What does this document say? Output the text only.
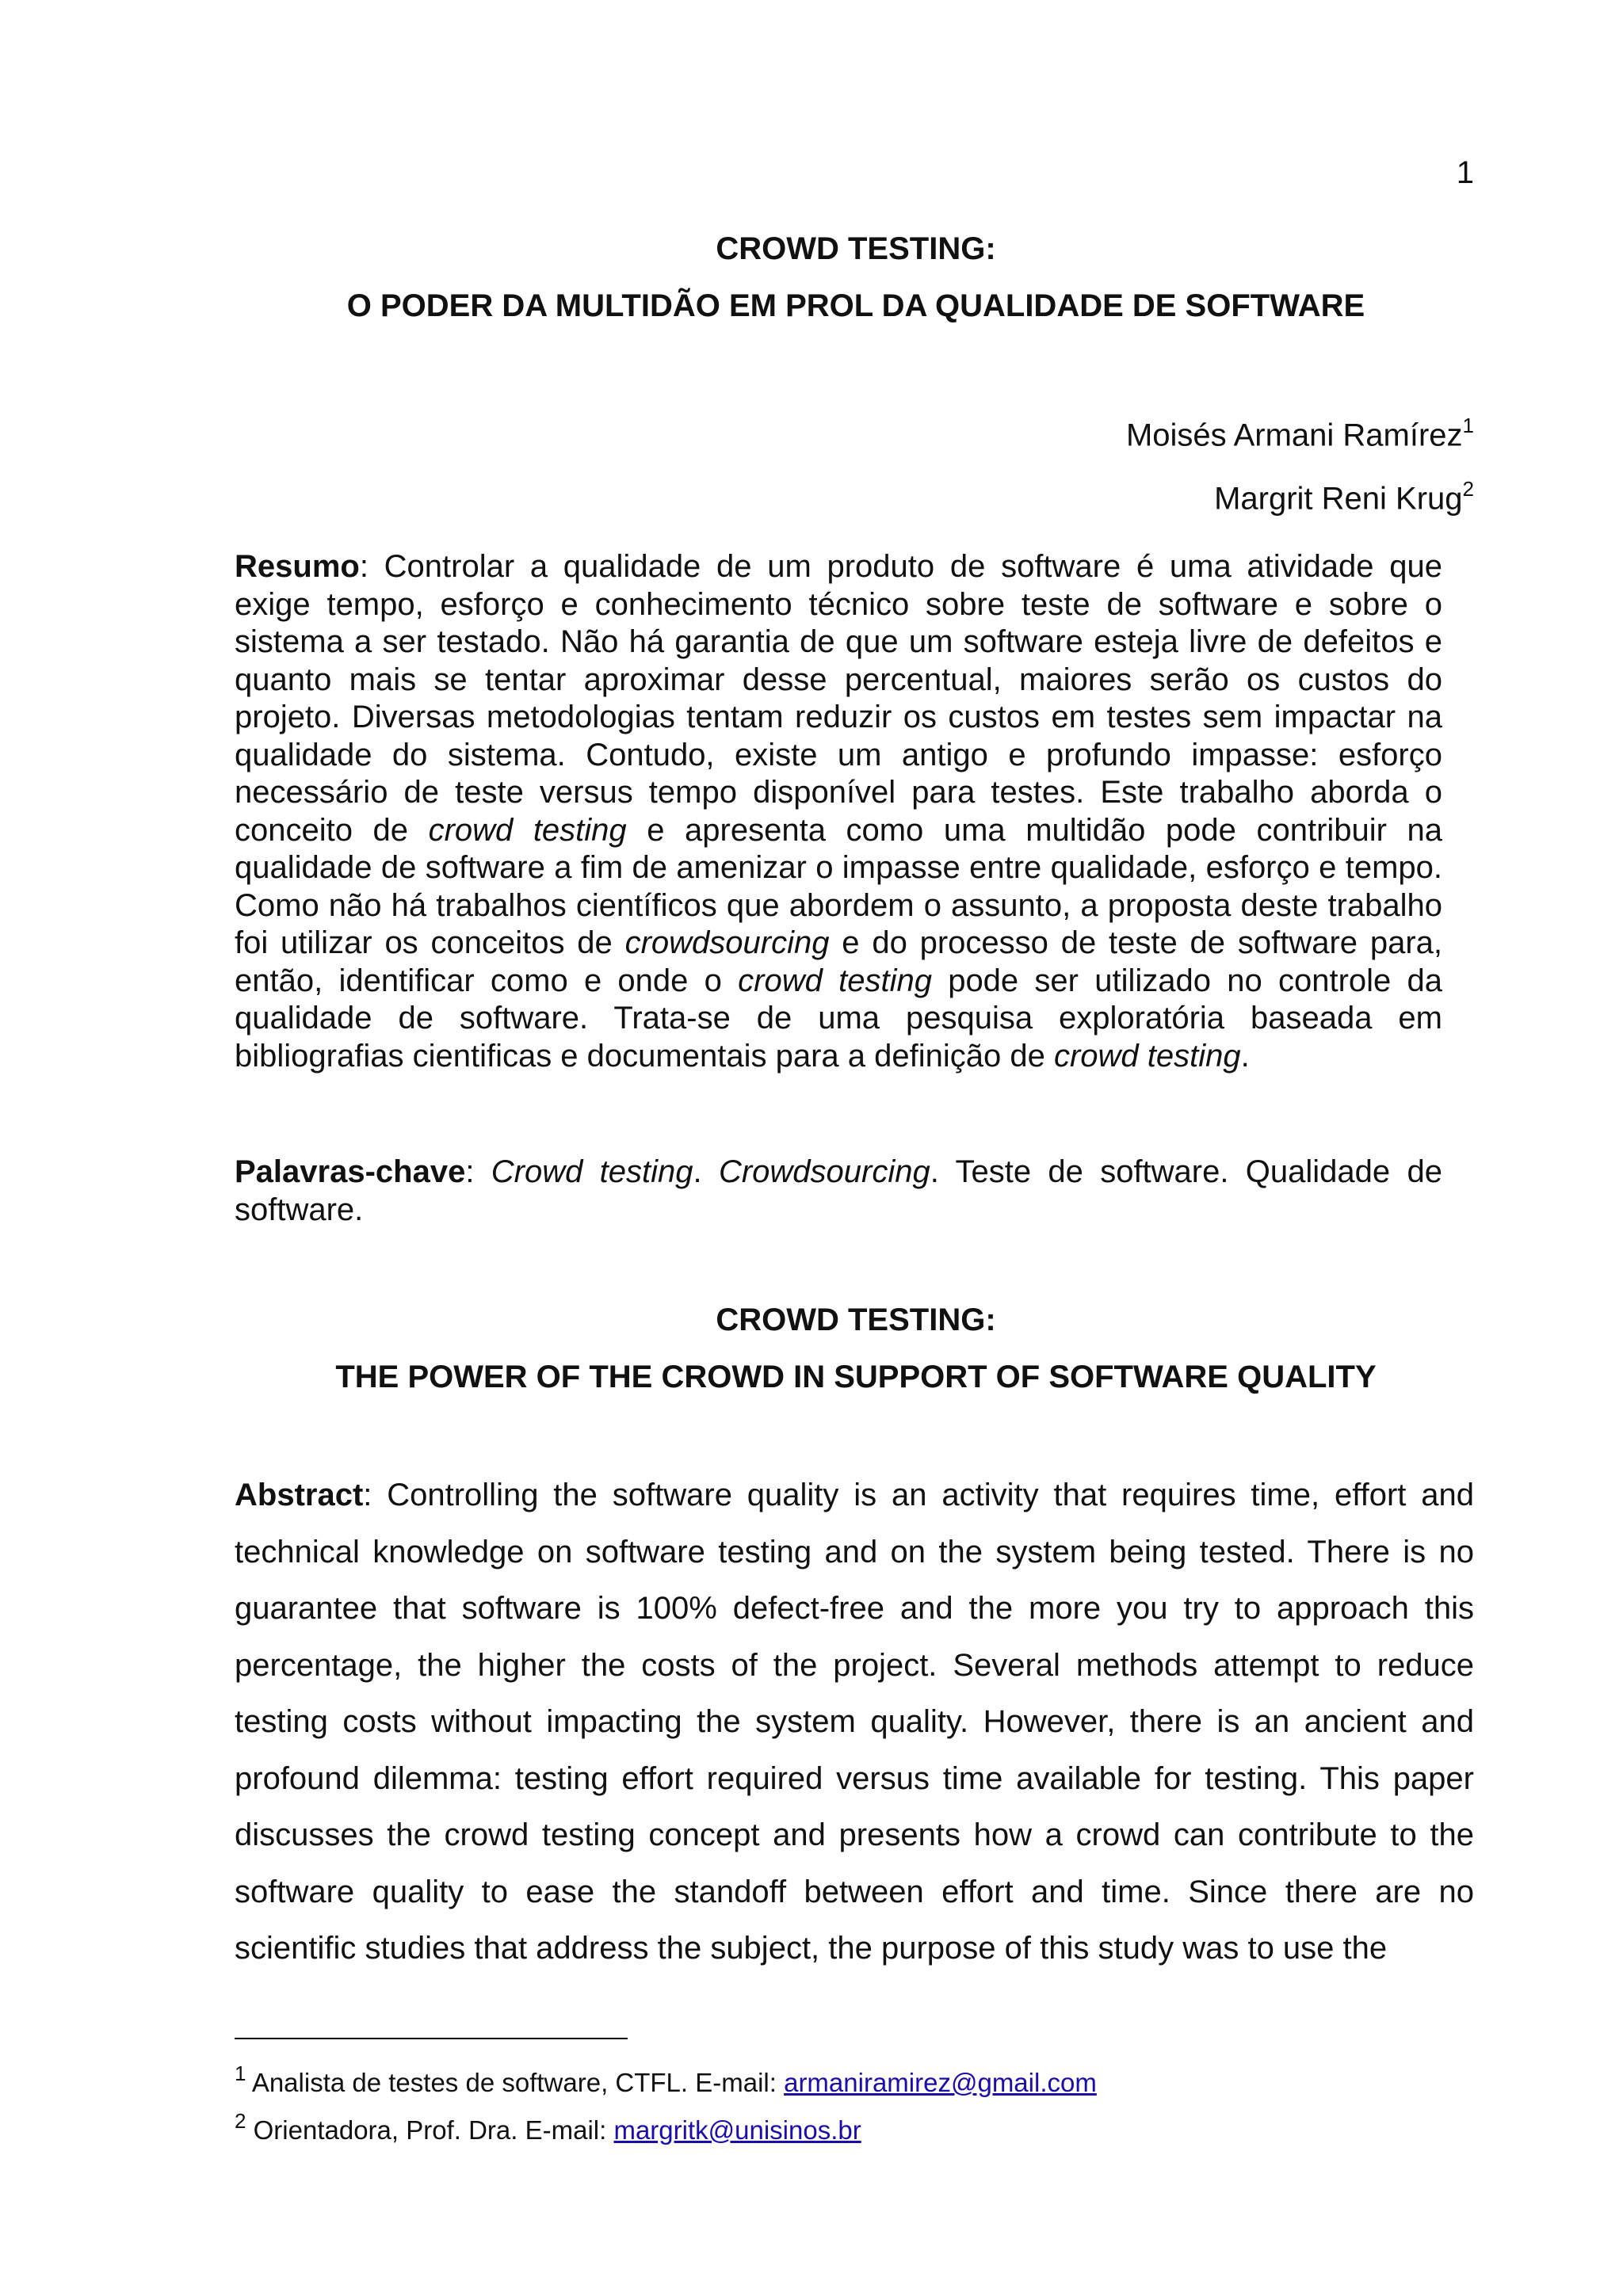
1
CROWD TESTING:
O PODER DA MULTIDÃO EM PROL DA QUALIDADE DE SOFTWARE
Moisés Armani Ramírez$^1$
Margrit Reni Krug$^2$

Resumo: Controlar a qualidade de um produto de software é uma atividade que exige tempo, esforço e conhecimento técnico sobre teste de software e sobre o sistema a ser testado. Não há garantia de que um software esteja livre de defeitos e quanto mais se tentar aproximar desse percentual, maiores serão os custos do projeto. Diversas metodologias tentam reduzir os custos em testes sem impactar na qualidade do sistema. Contudo, existe um antigo e profundo impasse: esforço necessário de teste versus tempo disponível para testes. Este trabalho aborda o conceito de crowd testing e apresenta como uma multidão pode contribuir na qualidade de software a fim de amenizar o impasse entre qualidade, esforço e tempo. Como não há trabalhos científicos que abordem o assunto, a proposta deste trabalho foi utilizar os conceitos de crowdsourcing e do processo de teste de software para, então, identificar como e onde o crowd testing pode ser utilizado no controle da qualidade de software. Trata-se de uma pesquisa exploratória baseada em bibliografias cientificas e documentais para a definição de crowd testing.

Palavras-chave: Crowd testing. Crowdsourcing. Teste de software. Qualidade de software.

CROWD TESTING:
THE POWER OF THE CROWD IN SUPPORT OF SOFTWARE QUALITY

Abstract: Controlling the software quality is an activity that requires time, effort and technical knowledge on software testing and on the system being tested. There is no guarantee that software is 100% defect-free and the more you try to approach this percentage, the higher the costs of the project. Several methods attempt to reduce testing costs without impacting the system quality. However, there is an ancient and profound dilemma: testing effort required versus time available for testing. This paper discusses the crowd testing concept and presents how a crowd can contribute to the software quality to ease the standoff between effort and time. Since there are no scientific studies that address the subject, the purpose of this study was to use the

$^1$ Analista de testes de software, CTFL. E-mail: armaniramirez@gmail.com

$^2$ Orientadora, Prof. Dra. E-mail: margritk@unisinos.br
